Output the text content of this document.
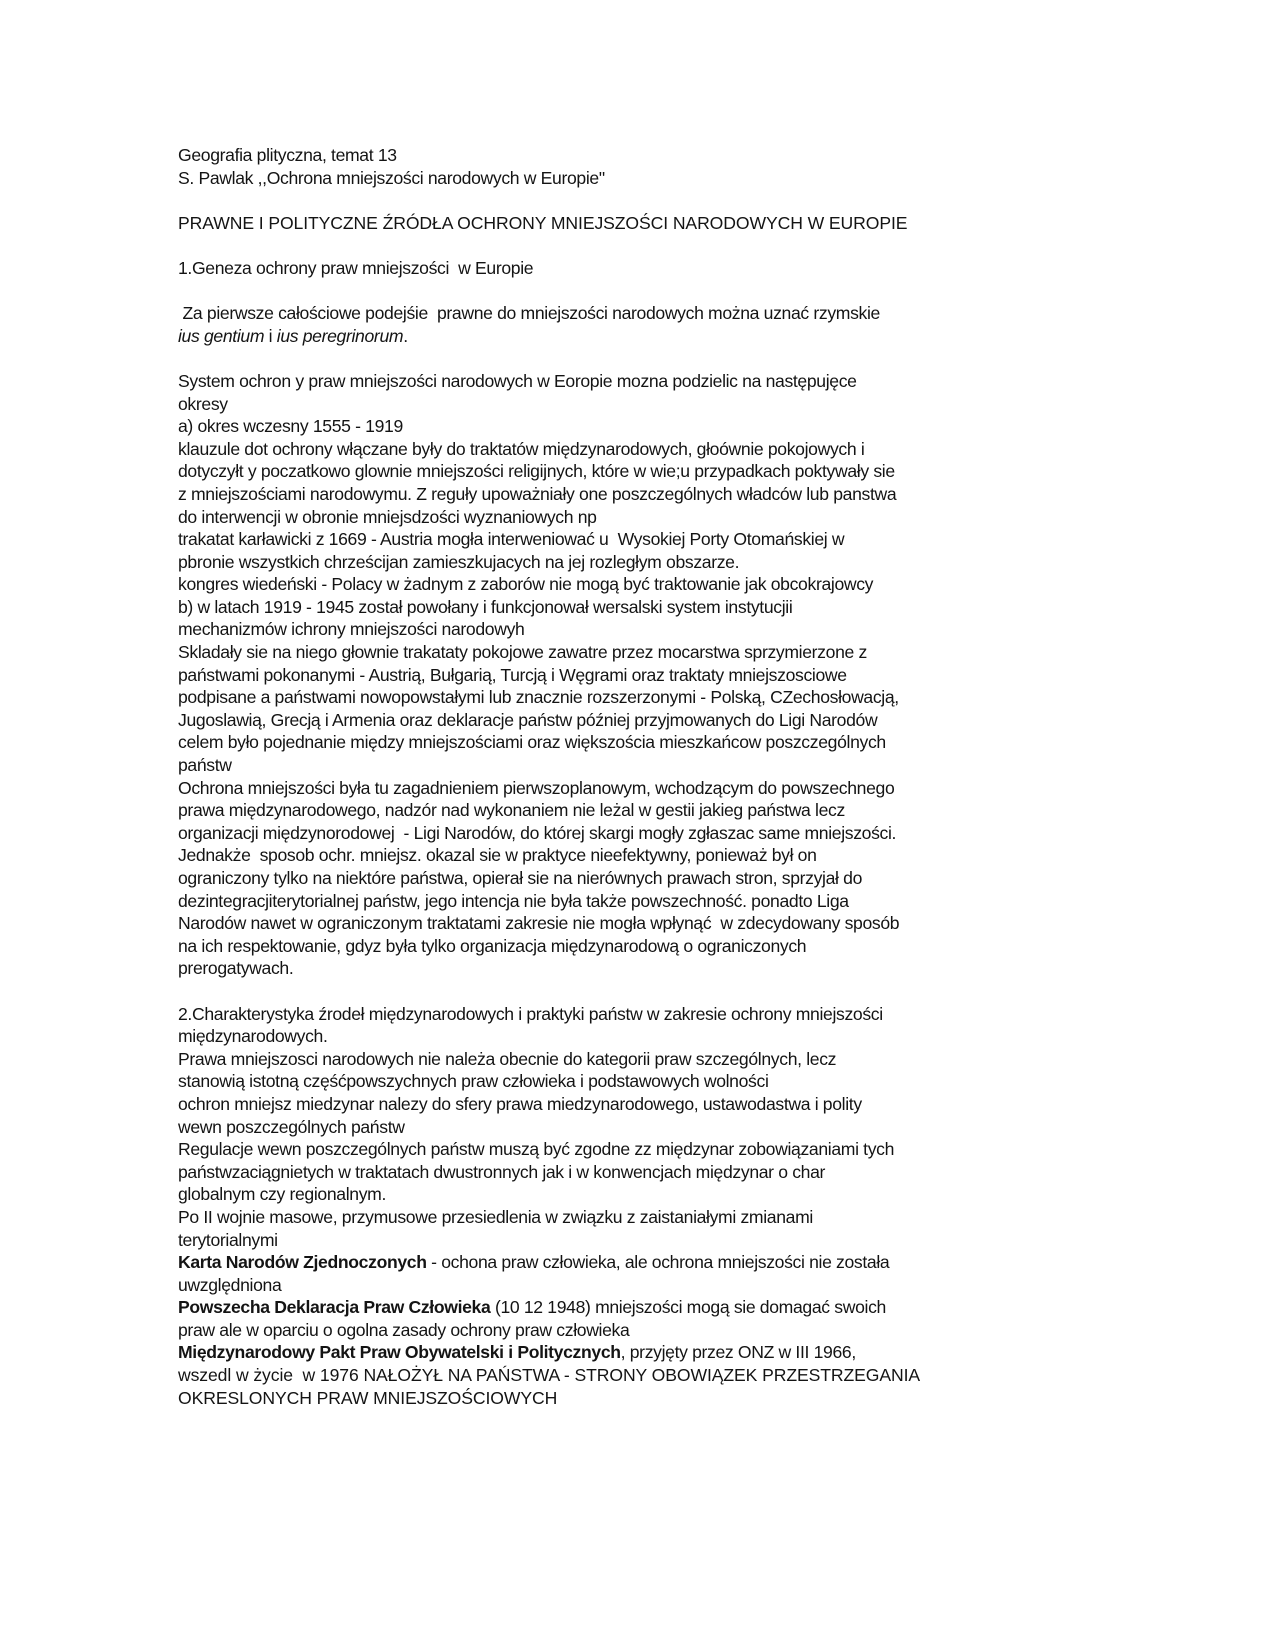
Geografia plityczna, temat 13
S. Pawlak ,,Ochrona mniejszości narodowych w Europie"
PRAWNE I POLITYCZNE ŹRÓDŁA OCHRONY MNIEJSZOŚCI NARODOWYCH W EUROPIE
1.Geneza ochrony praw mniejszości  w Europie
Za pierwsze całościowe podejśie  prawne do mniejszości narodowych można uznać rzymskie
ius gentium i ius peregrinorum.
System ochron y praw mniejszości narodowych w Eoropie mozna podzielic na następujęce
okresy
a) okres wczesny 1555 - 1919
klauzule dot ochrony włączane były do traktatów międzynarodowych, głoównie pokojowych i
dotyczyłt y poczatkowo glownie mniejszości religijnych, które w wie;u przypadkach poktywały sie
z mniejszościami narodowymu. Z reguły upoważniały one poszczególnych władców lub panstwa
do interwencji w obronie mniejsdzości wyznaniowych np
trakatat karławicki z 1669 - Austria mogła interweniować u  Wysokiej Porty Otomańskiej w
pbronie wszystkich chrześcijan zamieszkujacych na jej rozległym obszarze.
kongres wiedeński - Polacy w żadnym z zaborów nie mogą być traktowanie jak obcokrajowcy
b) w latach 1919 - 1945 został powołany i funkcjonował wersalski system instytucjii
mechanizmów ichrony mniejszości narodowyh
Skladały sie na niego głownie trakataty pokojowe zawatre przez mocarstwa sprzymierzone z
państwami pokonanymi - Austrią, Bułgarią, Turcją i Węgrami oraz traktaty mniejszosciowe
podpisane a państwami nowopowstałymi lub znacznie rozszerzonymi - Polską, CZechosłowacją,
Jugoslawią, Grecją i Armenia oraz deklaracje państw później przyjmowanych do Ligi Narodów
celem było pojednanie między mniejszościami oraz większościa mieszkańcow poszczególnych
państw
Ochrona mniejszości była tu zagadnieniem pierwszoplanowym, wchodzącym do powszechnego
prawa międzynarodowego, nadzór nad wykonaniem nie leżal w gestii jakieg państwa lecz
organizacji międzynorodowej  - Ligi Narodów, do której skargi mogły zgłaszac same mniejszości.
Jednakże  sposob ochr. mniejsz. okazal sie w praktyce nieefektywny, ponieważ był on
ograniczony tylko na niektóre państwa, opierał sie na nierównych prawach stron, sprzyjał do
dezintegracjiterytorialnej państw, jego intencja nie była także powszechność. ponadto Liga
Narodów nawet w ograniczonym traktatami zakresie nie mogła wpłynąć  w zdecydowany sposób
na ich respektowanie, gdyz była tylko organizacja międzynarodową o ograniczonych
prerogatywach.
2.Charakterystyka źrodeł międzynarodowych i praktyki państw w zakresie ochrony mniejszości
międzynarodowych.
Prawa mniejszosci narodowych nie należa obecnie do kategorii praw szczególnych, lecz
stanowią istotną częśćpowszychnych praw człowieka i podstawowych wolności
ochron mniejsz miedzynar nalezy do sfery prawa miedzynarodowego, ustawodastwa i polity
wewn poszczególnych państw
Regulacje wewn poszczególnych państw muszą być zgodne zz międzynar zobowiązaniami tych
państwzaciągnietych w traktatach dwustronnych jak i w konwencjach międzynar o char
globalnym czy regionalnym.
Po II wojnie masowe, przymusowe przesiedlenia w związku z zaistaniałymi zmianami
terytorialnymi
Karta Narodów Zjednoczonych - ochona praw człowieka, ale ochrona mniejszości nie została
uwzględniona
Powszecha Deklaracja Praw Człowieka (10 12 1948) mniejszości mogą sie domagać swoich
praw ale w oparciu o ogolna zasady ochrony praw człowieka
Międzynarodowy Pakt Praw Obywatelski i Politycznych, przyjęty przez ONZ w III 1966,
wszedl w życie  w 1976 NAŁOŻYŁ NA PAŃSTWA - STRONY OBOWIĄZEK PRZESTRZEGANIA
OKRESLONYCH PRAW MNIEJSZOŚCIOWYCH
